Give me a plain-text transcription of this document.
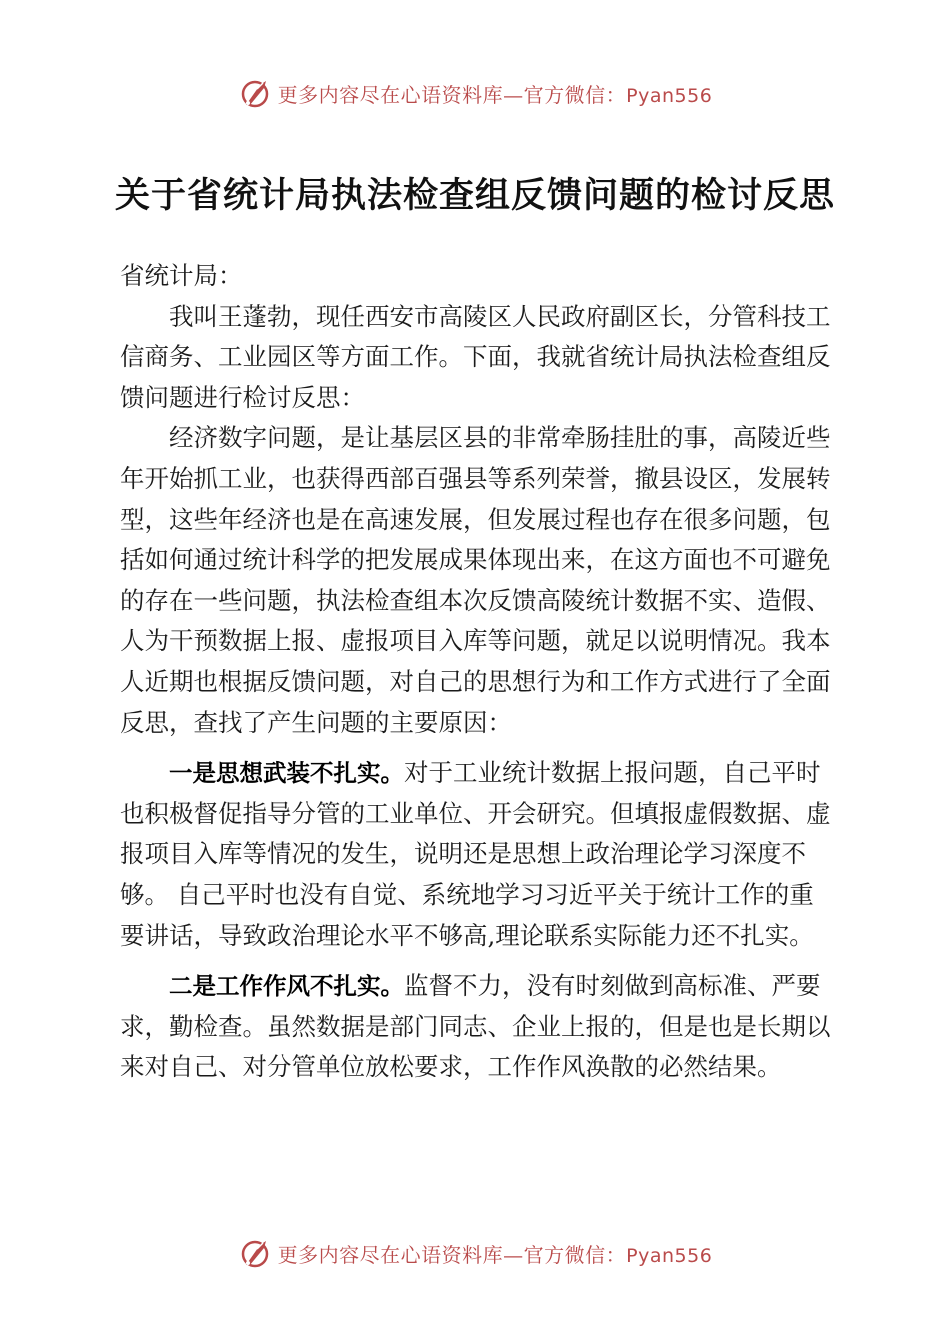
更多内容尽在心语资料库—官方微信：Pyan556
关于省统计局执法检查组反馈问题的检讨反思

省统计局：

我叫王蓬勃，现任西安市高陵区人民政府副区长，分管科技工信商务、工业园区等方面工作。下面，我就省统计局执法检查组反馈问题进行检讨反思：

经济数字问题，是让基层区县的非常牵肠挂肚的事，高陵近些年开始抓工业，也获得西部百强县等系列荣誉，撤县设区，发展转型，这些年经济也是在高速发展，但发展过程也存在很多问题，包括如何通过统计科学的把发展成果体现出来，在这方面也不可避免的存在一些问题，执法检查组本次反馈高陵统计数据不实、造假、人为干预数据上报、虚报项目入库等问题，就足以说明情况。我本人近期也根据反馈问题，对自己的思想行为和工作方式进行了全面反思，查找了产生问题的主要原因：

一是思想武装不扎实。对于工业统计数据上报问题，自己平时也积极督促指导分管的工业单位、开会研究。但填报虚假数据、虚报项目入库等情况的发生，说明还是思想上政治理论学习深度不够。 自己平时也没有自觉、系统地学习习近平关于统计工作的重要讲话，导致政治理论水平不够高,理论联系实际能力还不扎实。

二是工作作风不扎实。监督不力，没有时刻做到高标准、严要求，勤检查。虽然数据是部门同志、企业上报的，但是也是长期以来对自己、对分管单位放松要求，工作作风涣散的必然结果。

更多内容尽在心语资料库—官方微信：Pyan556
